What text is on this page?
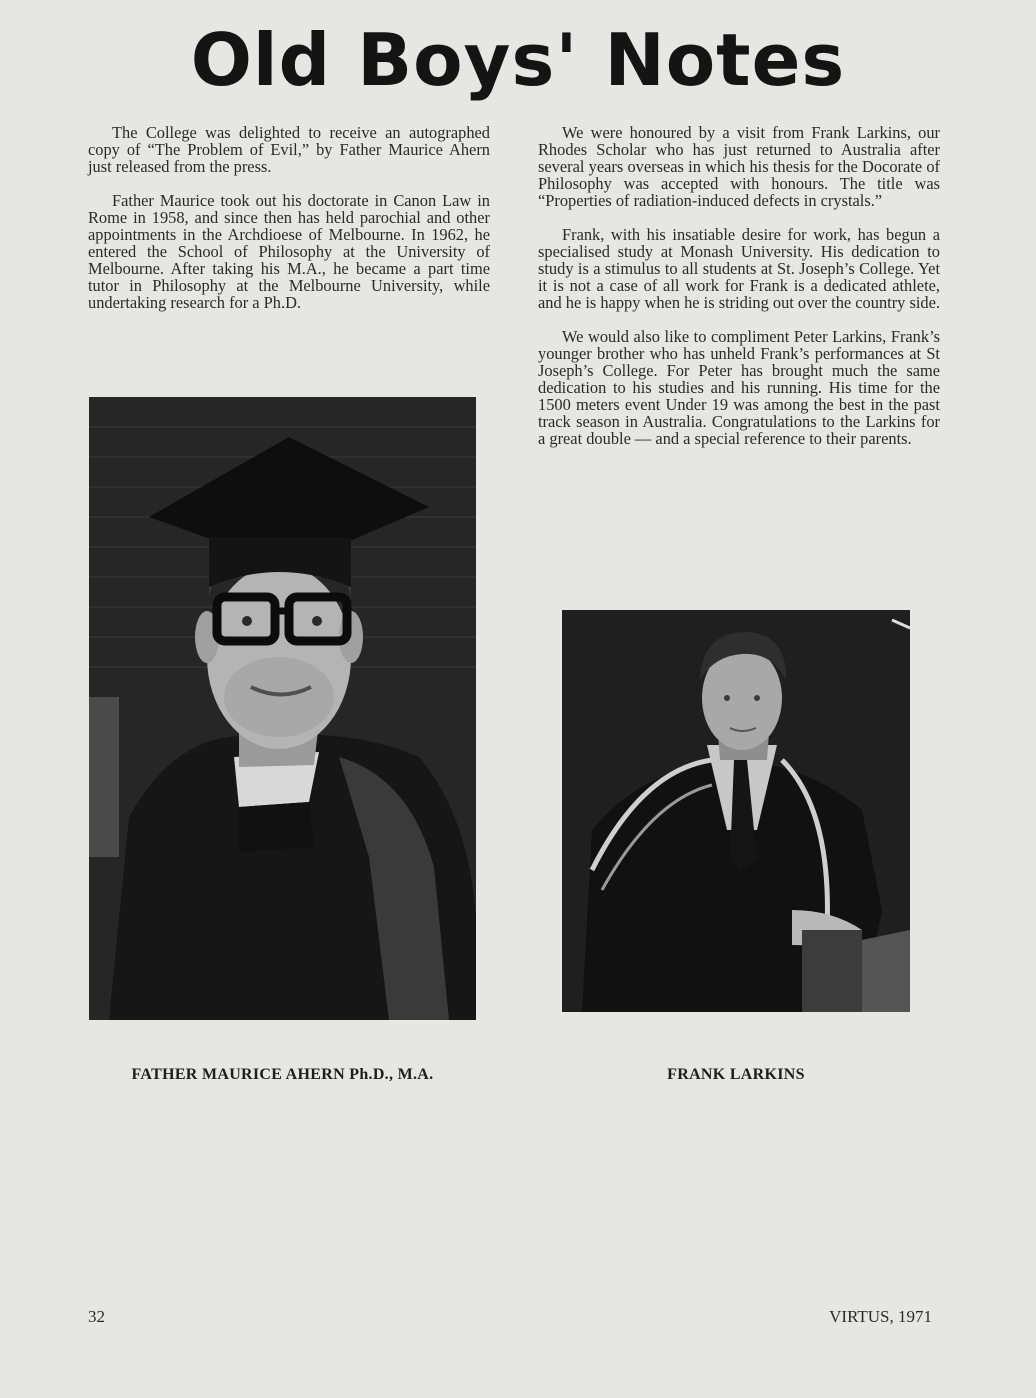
Old Boys' Notes

The College was delighted to receive an autographed copy of “The Problem of Evil,” by Father Maurice Ahern just released from the press.

Father Maurice took out his doctorate in Canon Law in Rome in 1958, and since then has held parochial and other appointments in the Archdioese of Melbourne. In 1962, he entered the School of Philosophy at the University of Melbourne. After taking his M.A., he became a part time tutor in Philosophy at the Melbourne University, while undertaking research for a Ph.D.

We were honoured by a visit from Frank Larkins, our Rhodes Scholar who has just returned to Australia after several years overseas in which his thesis for the Docorate of Philosophy was accepted with honours. The title was “Properties of radiation-induced defects in crystals.”

Frank, with his insatiable desire for work, has begun a specialised study at Monash University. His dedication to study is a stimulus to all students at St. Joseph’s College. Yet it is not a case of all work for Frank is a dedicated athlete, and he is happy when he is striding out over the country side.

We would also like to compliment Peter Larkins, Frank’s younger brother who has unheld Frank’s performances at St Joseph’s College. For Peter has brought much the same dedication to his studies and his running. His time for the 1500 meters event Under 19 was among the best in the past track season in Australia. Congratulations to the Larkins for a great double — and a special reference to their parents.

FATHER MAURICE AHERN Ph.D., M.A.	FRANK LARKINS

32	VIRTUS, 1971
